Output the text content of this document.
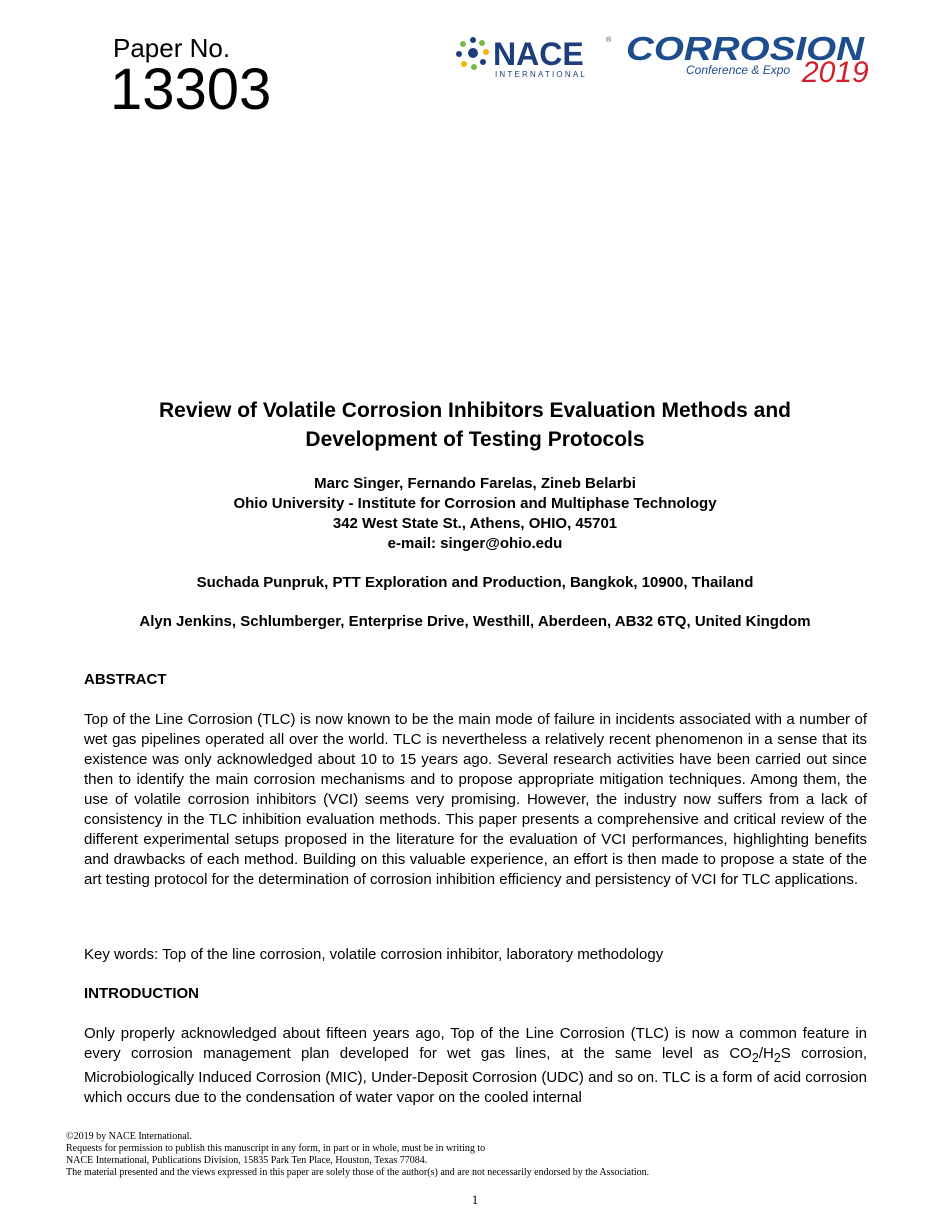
Paper No.
13303
NACE	®
INTERNATIONAL
CORROSION
Conference & Expo 2019
Review of Volatile Corrosion Inhibitors Evaluation Methods and
Development of Testing Protocols
Marc Singer, Fernando Farelas, Zineb Belarbi
Ohio University - Institute for Corrosion and Multiphase Technology
342 West State St., Athens, OHIO, 45701
e-mail: singer@ohio.edu
Suchada Punpruk, PTT Exploration and Production, Bangkok, 10900, Thailand
Alyn Jenkins, Schlumberger, Enterprise Drive, Westhill, Aberdeen, AB32 6TQ, United Kingdom
ABSTRACT
Top of the Line Corrosion (TLC) is now known to be the main mode of failure in incidents associated with a number of wet gas pipelines operated all over the world. TLC is nevertheless a relatively recent phenomenon in a sense that its existence was only acknowledged about 10 to 15 years ago. Several research activities have been carried out since then to identify the main corrosion mechanisms and to propose appropriate mitigation techniques. Among them, the use of volatile corrosion inhibitors (VCI) seems very promising. However, the industry now suffers from a lack of consistency in the TLC inhibition evaluation methods. This paper presents a comprehensive and critical review of the different experimental setups proposed in the literature for the evaluation of VCI performances, highlighting benefits and drawbacks of each method. Building on this valuable experience, an effort is then made to propose a state of the art testing protocol for the determination of corrosion inhibition efficiency and persistency of VCI for TLC applications.
Key words: Top of the line corrosion, volatile corrosion inhibitor, laboratory methodology
INTRODUCTION
Only properly acknowledged about fifteen years ago, Top of the Line Corrosion (TLC) is now a common feature in every corrosion management plan developed for wet gas lines, at the same level as $CO_2/H_2S$ corrosion, Microbiologically Induced Corrosion (MIC), Under-Deposit Corrosion (UDC) and so on. TLC is a form of acid corrosion which occurs due to the condensation of water vapor on the cooled internal
©2019 by NACE International.
Requests for permission to publish this manuscript in any form, in part or in whole, must be in writing to
NACE International, Publications Division, 15835 Park Ten Place, Houston, Texas 77084.
The material presented and the views expressed in this paper are solely those of the author(s) and are not necessarily endorsed by the Association.
1
